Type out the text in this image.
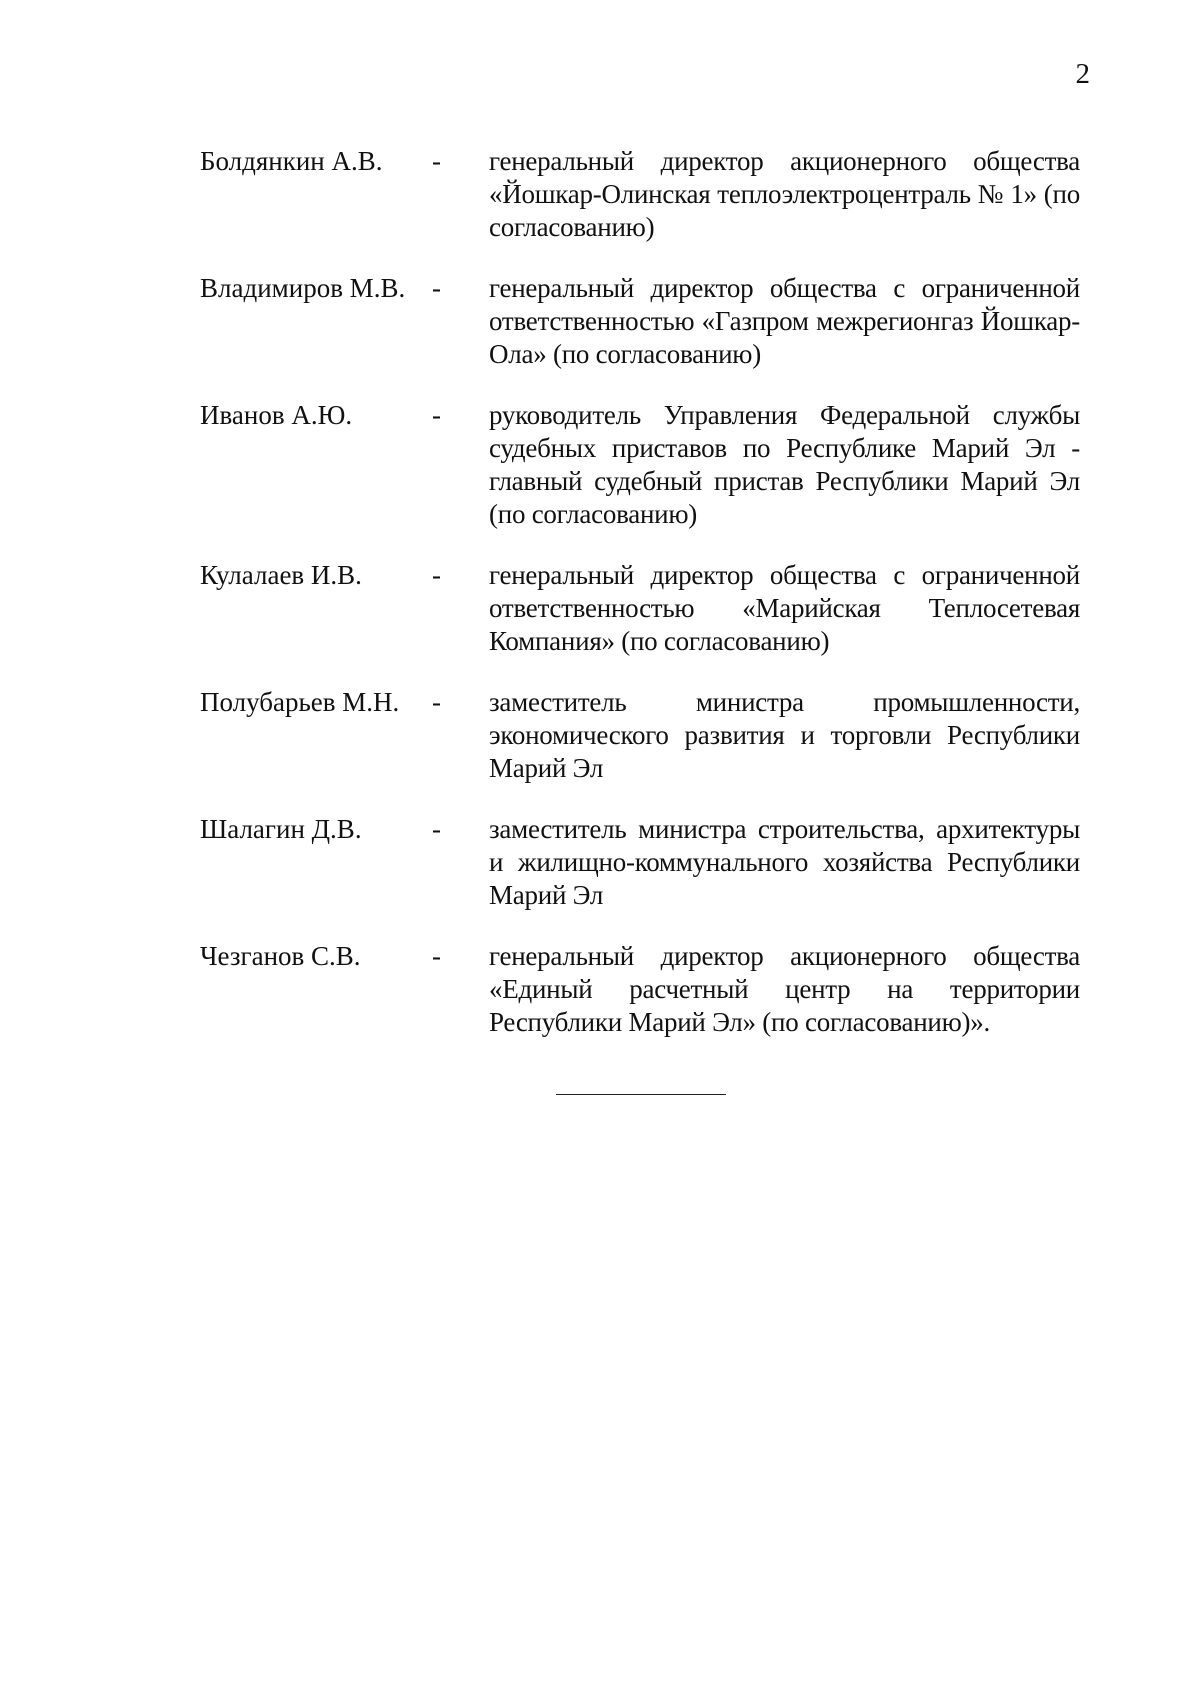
2
Болдянкин А.В.	-	генеральный директор акционерного общества «Йошкар-Олинская теплоэлектроцентраль № 1» (по согласованию)
Владимиров М.В. -	генеральный директор общества с ограниченной ответственностью «Газпром межрегионгаз Йошкар-Ола» (по согласованию)
Иванов А.Ю.	-	руководитель Управления Федеральной службы судебных приставов по Республике Марий Эл - главный судебный пристав Республики Марий Эл (по согласованию)
Кулалаев И.В.	-	генеральный директор общества с ограниченной ответственностью «Марийская Теплосетевая Компания» (по согласованию)
Полубарьев М.Н.	-	заместитель министра промышленности, экономического развития и торговли Республики Марий Эл
Шалагин Д.В.	-	заместитель министра строительства, архитектуры и жилищно-коммунального хозяйства Республики Марий Эл
Чезганов С.В.	-	генеральный директор акционерного общества «Единый расчетный центр на территории Республики Марий Эл» (по согласованию)».
